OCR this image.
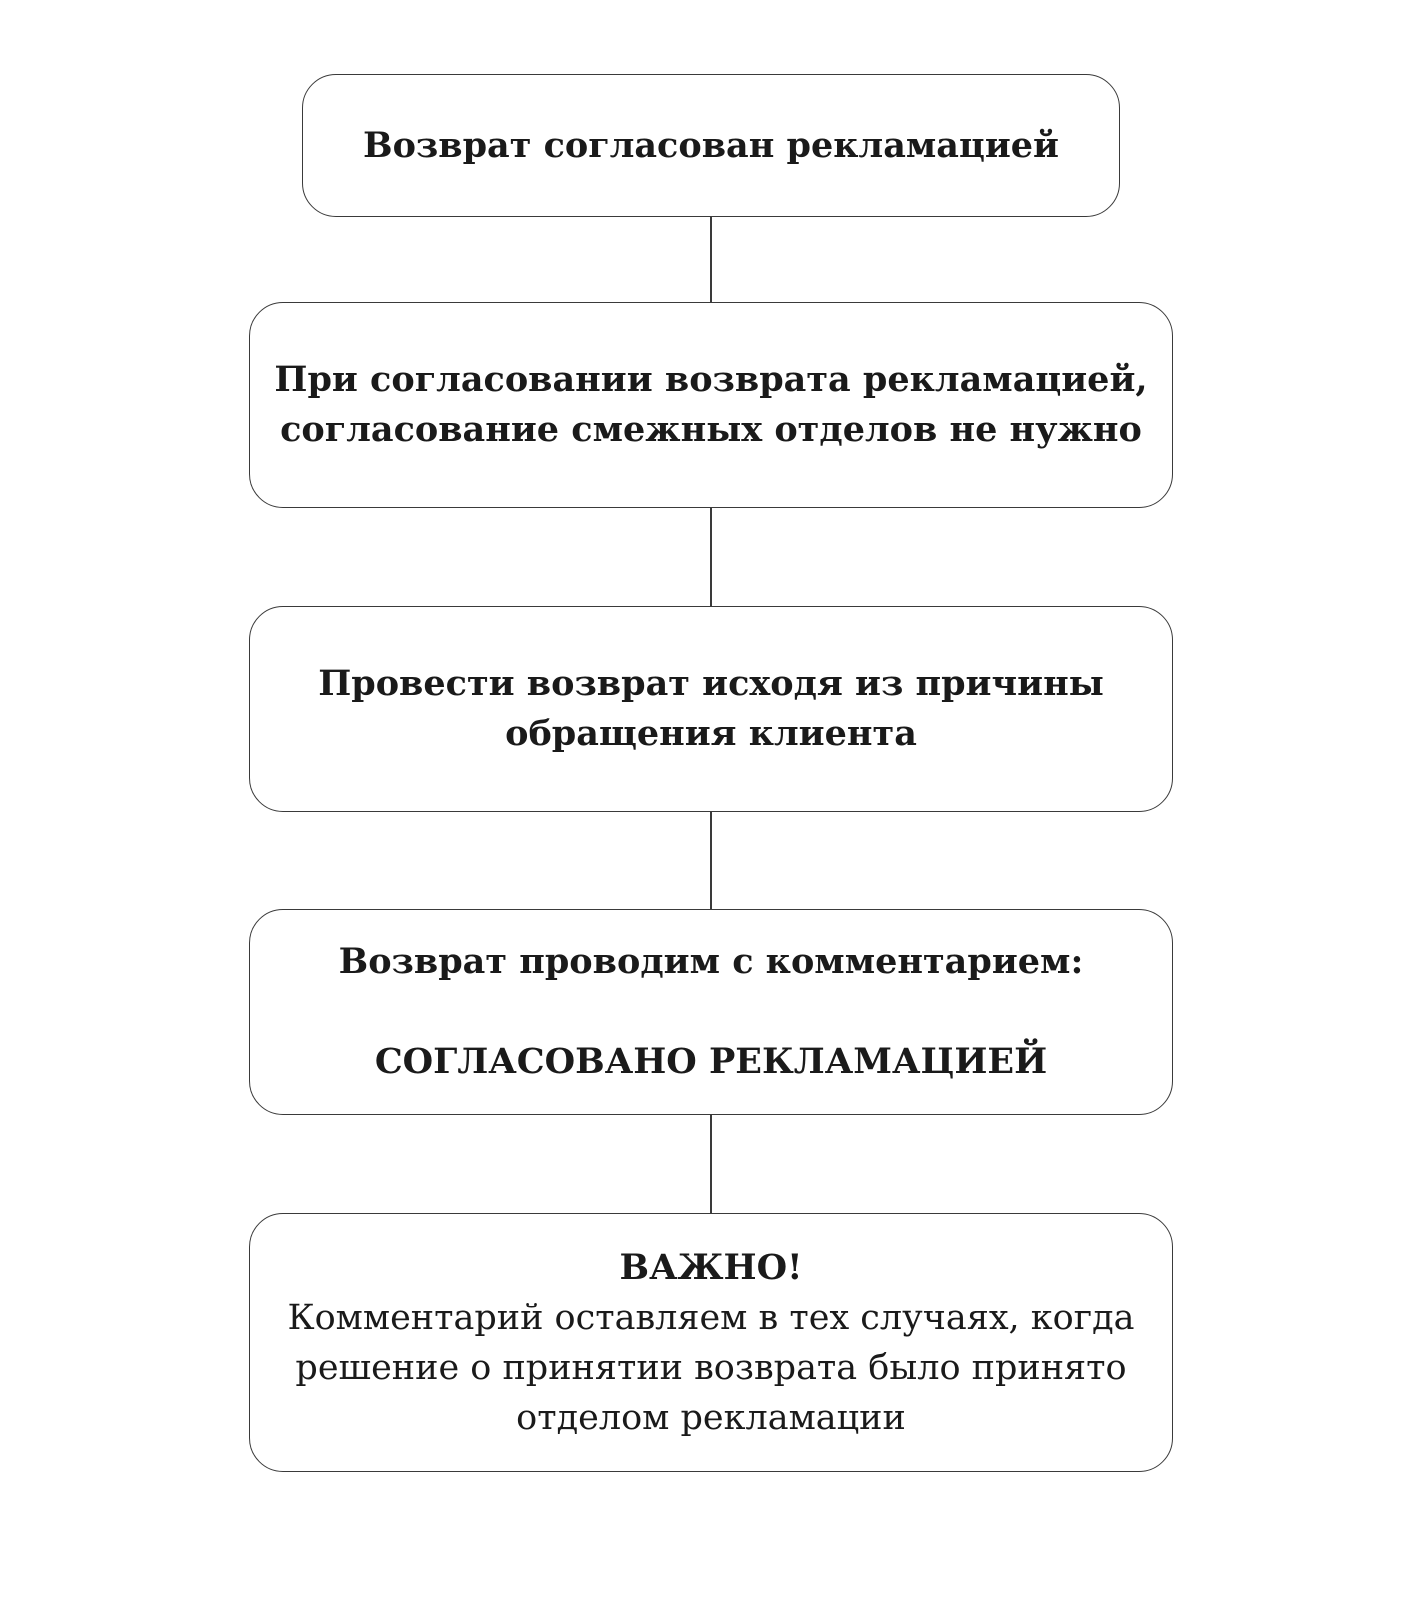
Возврат согласован рекламацией
При согласовании возврата рекламацией,
согласование смежных отделов не нужно
Провести возврат исходя из причины
обращения клиента
Возврат проводим с комментарием:
СОГЛАСОВАНО РЕКЛАМАЦИЕЙ
ВАЖНО!
Комментарий оставляем в тех случаях, когда
решение о принятии возврата было принято
отделом рекламации
